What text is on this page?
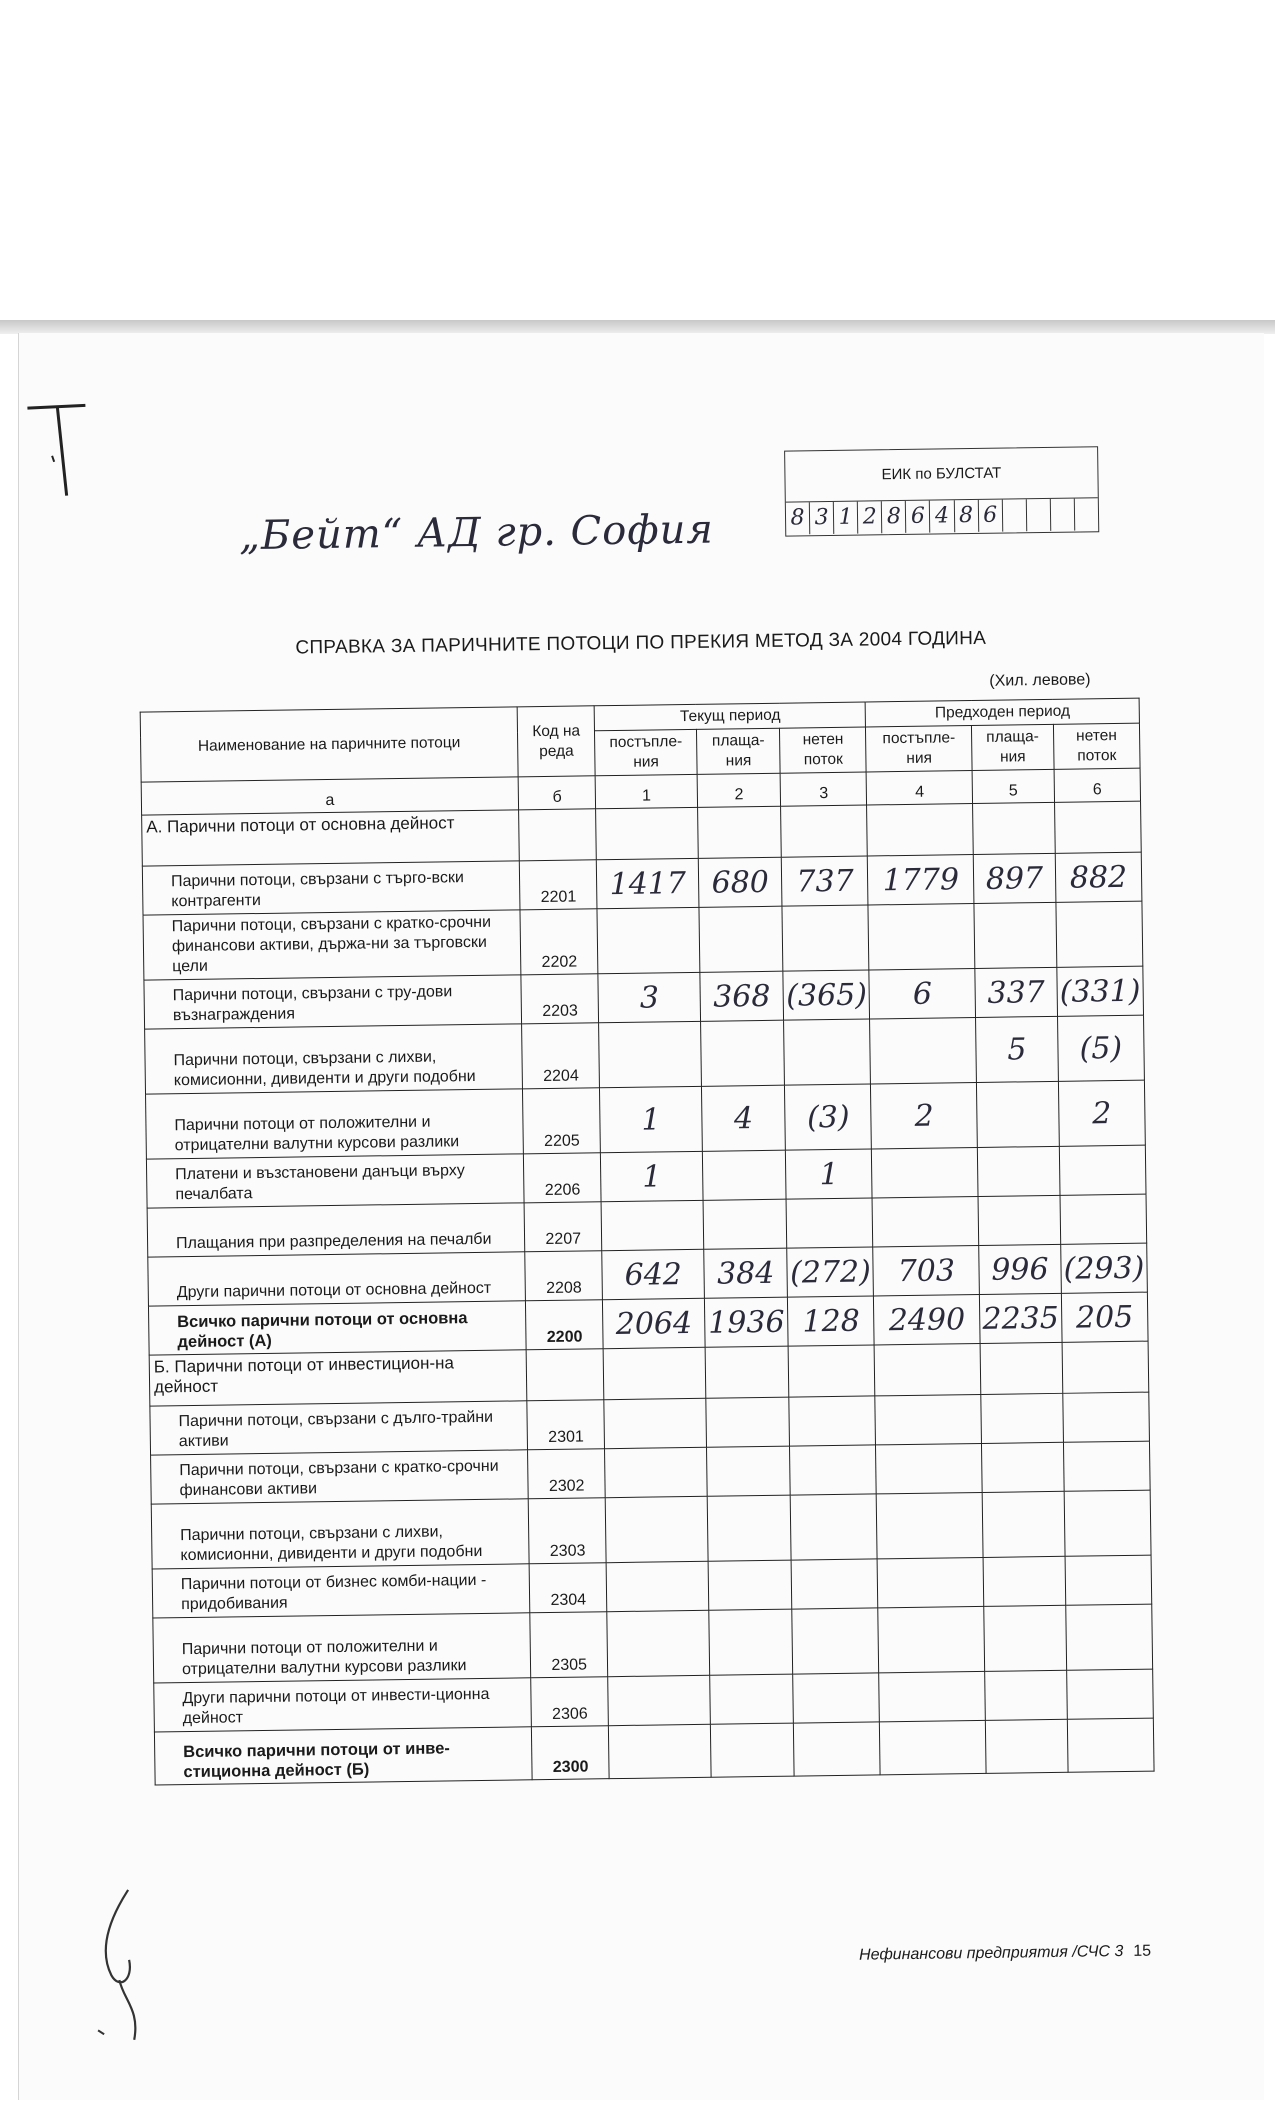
„Бейт“ АД гр. София
ЕИК по БУЛСТАТ
8 3 1 2 8 6 4 8 6
СПРАВКА ЗА ПАРИЧНИТЕ ПОТОЦИ ПО ПРЕКИЯ МЕТОД ЗА 2004 ГОДИНА
(Хил. левове)
Наименование на паричните потоци	Код на реда	Текущ период			Предходен период		
		постъпле-ния	плаща-ния	нетен поток	постъпле-ния	плаща-ния	нетен поток
а	б	1	2	3	4	5	6
А. Парични потоци от основна дейност							
Парични потоци, свързани с търго-вски контрагенти	2201	1417	680	737	1779	897	882
Парични потоци, свързани с кратко-срочни финансови активи, държа-ни за търговски цели	2202						
Парични потоци, свързани с тру-дови възнаграждения	2203	3	368	(365)	6	337	(331)
Парични потоци, свързани с лихви, комисионни, дивиденти и други подобни	2204					5	(5)
Парични потоци от положителни и отрицателни валутни курсови разлики	2205	1	4	(3)	2		2
Платени и възстановени данъци върху печалбата	2206	1		1			
Плащания при разпределения на печалби	2207						
Други парични потоци от основна дейност	2208	642	384	(272)	703	996	(293)
Всичко парични потоци от основна дейност (А)	2200	2064	1936	128	2490	2235	205
Б. Парични потоци от инвестицион-на дейност							
Парични потоци, свързани с дълго-трайни активи	2301						
Парични потоци, свързани с кратко-срочни финансови активи	2302						
Парични потоци, свързани с лихви, комисионни, дивиденти и други подобни	2303						
Парични потоци от бизнес комби-нации - придобивания	2304						
Парични потоци от положителни и отрицателни валутни курсови разлики	2305						
Други парични потоци от инвести-ционна дейност	2306						
Всичко парични потоци от инве-стиционна дейност (Б)	2300						
Нефинансови предприятия /СЧС 3 15
